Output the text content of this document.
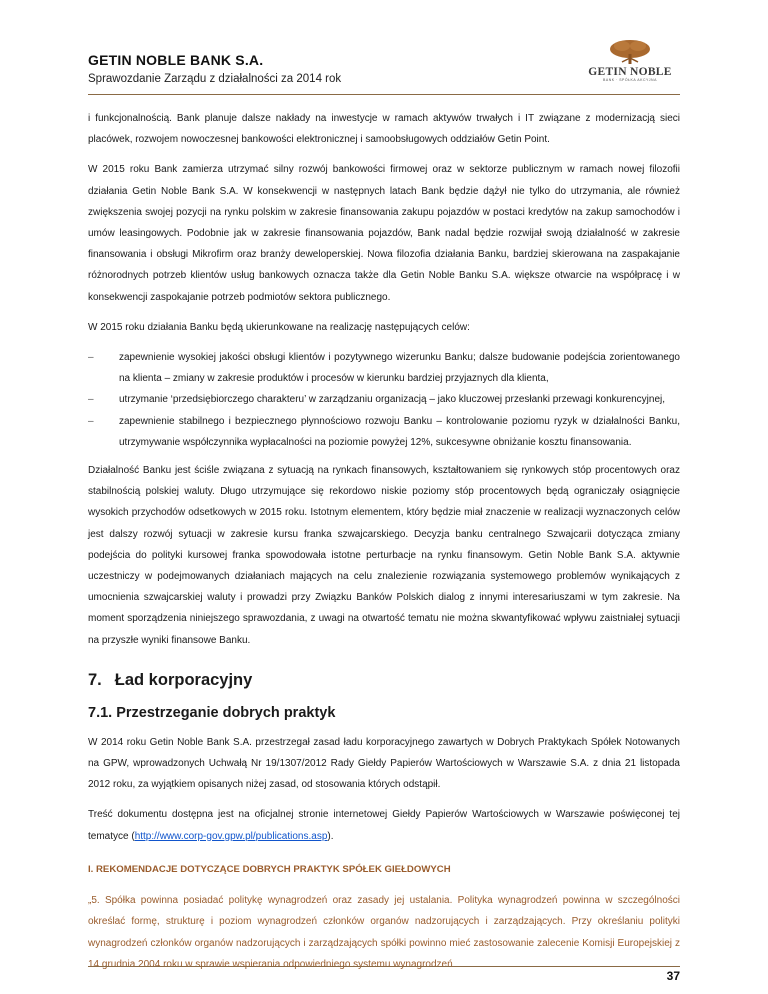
GETIN NOBLE BANK S.A.
Sprawozdanie Zarządu z działalności za 2014 rok
GETIN NOBLE
BANK · SPÓŁKA AKCYJNA

i funkcjonalnością. Bank planuje dalsze nakłady na inwestycje w ramach aktywów trwałych i IT związane z modernizacją sieci placówek, rozwojem nowoczesnej bankowości elektronicznej i samoobsługowych oddziałów Getin Point.

W 2015 roku Bank zamierza utrzymać silny rozwój bankowości firmowej oraz w sektorze publicznym w ramach nowej filozofii działania Getin Noble Bank S.A. W konsekwencji w następnych latach Bank będzie dążył nie tylko do utrzymania, ale również zwiększenia swojej pozycji na rynku polskim w zakresie finansowania zakupu pojazdów w postaci kredytów na zakup samochodów i umów leasingowych. Podobnie jak w zakresie finansowania pojazdów, Bank nadal będzie rozwijał swoją działalność w zakresie finansowania i obsługi Mikrofirm oraz branży deweloperskiej. Nowa filozofia działania Banku, bardziej skierowana na zaspakajanie różnorodnych potrzeb klientów usług bankowych oznacza także dla Getin Noble Banku S.A. większe otwarcie na współpracę i w konsekwencji zaspokajanie potrzeb podmiotów sektora publicznego.

W 2015 roku działania Banku będą ukierunkowane na realizację następujących celów:

–	zapewnienie wysokiej jakości obsługi klientów i pozytywnego wizerunku Banku; dalsze budowanie podejścia zorientowanego na klienta – zmiany w zakresie produktów i procesów w kierunku bardziej przyjaznych dla klienta,
–	utrzymanie ‘przedsiębiorczego charakteru’ w zarządzaniu organizacją – jako kluczowej przesłanki przewagi konkurencyjnej,
–	zapewnienie stabilnego i bezpiecznego płynnościowo rozwoju Banku – kontrolowanie poziomu ryzyk w działalności Banku, utrzymywanie współczynnika wypłacalności na poziomie powyżej 12%, sukcesywne obniżanie kosztu finansowania.

Działalność Banku jest ściśle związana z sytuacją na rynkach finansowych, kształtowaniem się rynkowych stóp procentowych oraz stabilnością polskiej waluty. Długo utrzymujące się rekordowo niskie poziomy stóp procentowych będą ograniczały osiągnięcie wysokich przychodów odsetkowych w 2015 roku. Istotnym elementem, który będzie miał znaczenie w realizacji wyznaczonych celów jest dalszy rozwój sytuacji w zakresie kursu franka szwajcarskiego. Decyzja banku centralnego Szwajcarii dotycząca zmiany podejścia do polityki kursowej franka spowodowała istotne perturbacje na rynku finansowym. Getin Noble Bank S.A. aktywnie uczestniczy w podejmowanych działaniach mających na celu znalezienie rozwiązania systemowego problemów wynikających z umocnienia szwajcarskiej waluty i prowadzi przy Związku Banków Polskich dialog z innymi interesariuszami w tym zakresie. Na moment sporządzenia niniejszego sprawozdania, z uwagi na otwartość tematu nie można skwantyfikować wpływu zaistniałej sytuacji na przyszłe wyniki finansowe Banku.

7. Ład korporacyjny
7.1. Przestrzeganie dobrych praktyk

W 2014 roku Getin Noble Bank S.A. przestrzegał zasad ładu korporacyjnego zawartych w Dobrych Praktykach Spółek Notowanych na GPW, wprowadzonych Uchwałą Nr 19/1307/2012 Rady Giełdy Papierów Wartościowych w Warszawie S.A. z dnia 21 listopada 2012 roku, za wyjątkiem opisanych niżej zasad, od stosowania których odstąpił.

Treść dokumentu dostępna jest na oficjalnej stronie internetowej Giełdy Papierów Wartościowych w Warszawie poświęconej tej tematyce (http://www.corp-gov.gpw.pl/publications.asp).

I. REKOMENDACJE DOTYCZĄCE DOBRYCH PRAKTYK SPÓŁEK GIEŁDOWYCH

„5. Spółka powinna posiadać politykę wynagrodzeń oraz zasady jej ustalania. Polityka wynagrodzeń powinna w szczególności określać formę, strukturę i poziom wynagrodzeń członków organów nadzorujących i zarządzających. Przy określaniu polityki wynagrodzeń członków organów nadzorujących i zarządzających spółki powinno mieć zastosowanie zalecenie Komisji Europejskiej z 14 grudnia 2004 roku w sprawie wspierania odpowiedniego systemu wynagrodzeń

37
